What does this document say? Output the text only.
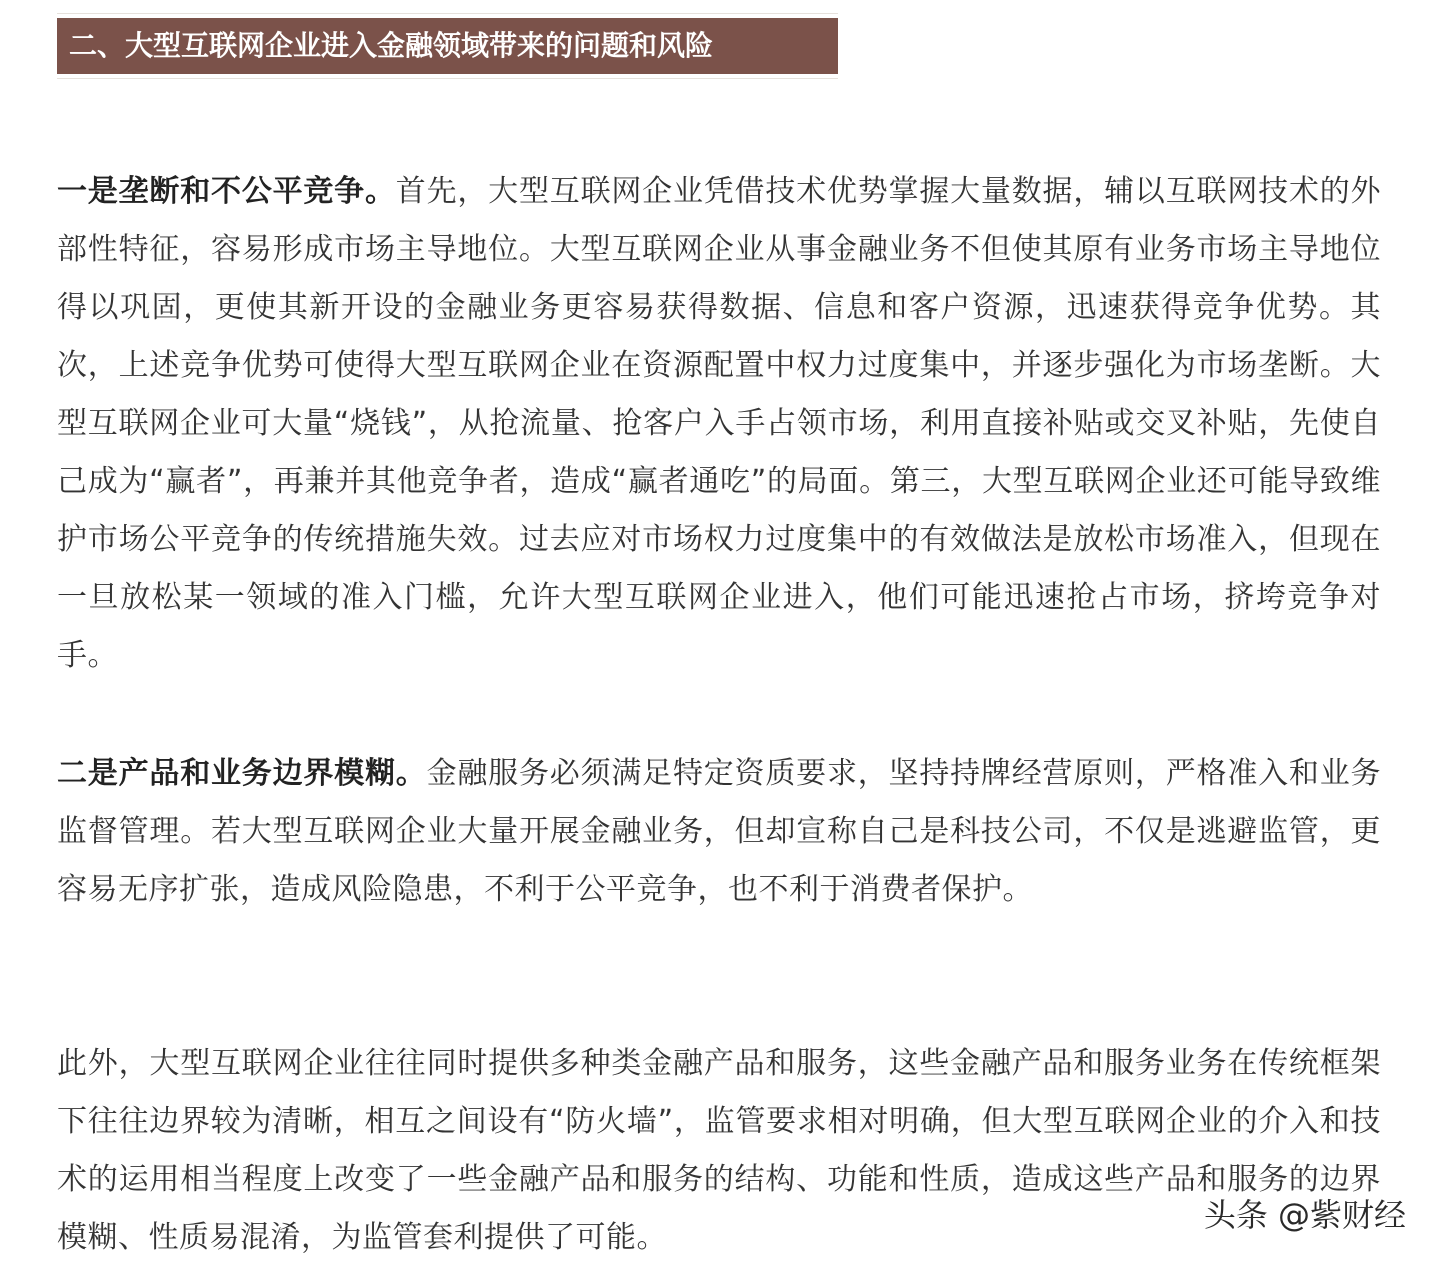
二、大型互联网企业进入金融领域带来的问题和风险

一是垄断和不公平竞争。首先，大型互联网企业凭借技术优势掌握大量数据，辅以互联网技术的外部性特征，容易形成市场主导地位。大型互联网企业从事金融业务不但使其原有业务市场主导地位得以巩固，更使其新开设的金融业务更容易获得数据、信息和客户资源，迅速获得竞争优势。其次，上述竞争优势可使得大型互联网企业在资源配置中权力过度集中，并逐步强化为市场垄断。大型互联网企业可大量“烧钱”，从抢流量、抢客户入手占领市场，利用直接补贴或交叉补贴，先使自己成为“赢者”，再兼并其他竞争者，造成“赢者通吃”的局面。第三，大型互联网企业还可能导致维护市场公平竞争的传统措施失效。过去应对市场权力过度集中的有效做法是放松市场准入，但现在一旦放松某一领域的准入门槛，允许大型互联网企业进入，他们可能迅速抢占市场，挤垮竞争对手。

二是产品和业务边界模糊。金融服务必须满足特定资质要求，坚持持牌经营原则，严格准入和业务监督管理。若大型互联网企业大量开展金融业务，但却宣称自己是科技公司，不仅是逃避监管，更容易无序扩张，造成风险隐患，不利于公平竞争，也不利于消费者保护。

此外，大型互联网企业往往同时提供多种类金融产品和服务，这些金融产品和服务业务在传统框架下往往边界较为清晰，相互之间设有“防火墙”，监管要求相对明确，但大型互联网企业的介入和技术的运用相当程度上改变了一些金融产品和服务的结构、功能和性质，造成这些产品和服务的边界模糊、性质易混淆，为监管套利提供了可能。

头条 @紫财经
